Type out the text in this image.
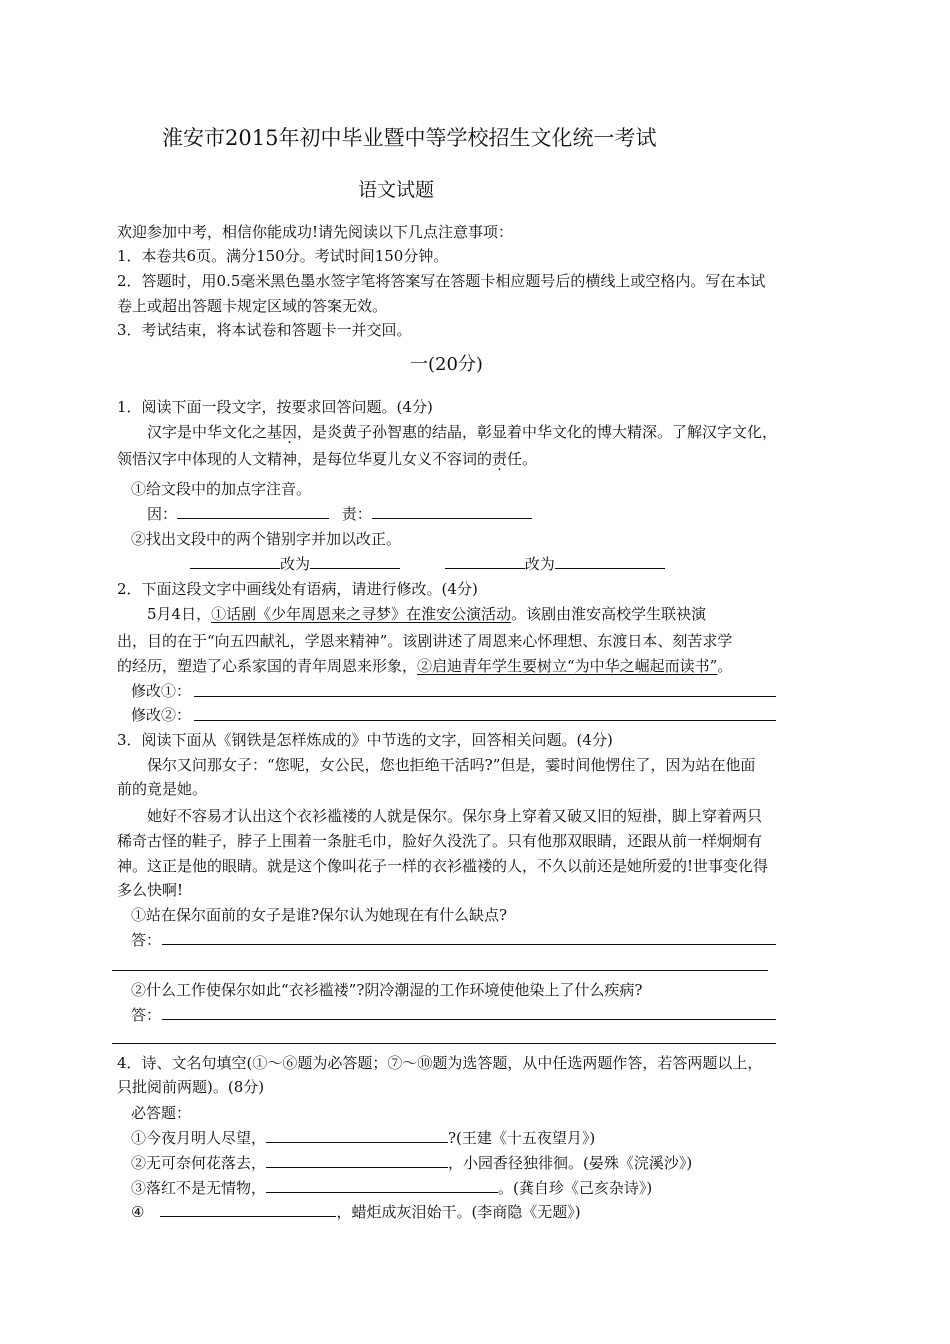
淮安市2015年初中毕业暨中等学校招生文化统一考试
语文试题
欢迎参加中考，相信你能成功!请先阅读以下几点注意事项：
1．本卷共6页。满分150分。考试时间150分钟。
2．答题时，用0.5毫米黑色墨水签字笔将答案写在答题卡相应题号后的横线上或空格内。写在本试
卷上或超出答题卡规定区域的答案无效。
3．考试结束，将本试卷和答题卡一并交回。
一(20分)
1．阅读下面一段文字，按要求回答问题。(4分)
汉字是中华文化之基因，是炎黄子孙智惠的结晶，彰显着中华文化的博大精深。了解汉字文化，
领悟汉字中体现的人文精神，是每位华夏儿女义不容词的责任。
①给文段中的加点字注音。
因：	责：
②找出文段中的两个错别字并加以改正。
改为	改为
2．下面这段文字中画线处有语病，请进行修改。(4分)
5月4日，①话剧《少年周恩来之寻梦》在淮安公演活动。该剧由淮安高校学生联袂演
出，目的在于“向五四献礼，学恩来精神”。该剧讲述了周恩来心怀理想、东渡日本、刻苦求学
的经历，塑造了心系家国的青年周恩来形象，②启迪青年学生要树立“为中华之崛起而读书”。
修改①：
修改②：
3．阅读下面从《钢铁是怎样炼成的》中节选的文字，回答相关问题。(4分)
保尔又问那女子：“您呢，女公民，您也拒绝干活吗?”但是，霎时间他愣住了，因为站在他面
前的竟是她。
她好不容易才认出这个衣衫褴褛的人就是保尔。保尔身上穿着又破又旧的短褂，脚上穿着两只
稀奇古怪的鞋子，脖子上围着一条脏毛巾，脸好久没洗了。只有他那双眼睛，还跟从前一样炯炯有
神。这正是他的眼睛。就是这个像叫花子一样的衣衫褴褛的人，不久以前还是她所爱的!世事变化得
多么快啊!
①站在保尔面前的女子是谁?保尔认为她现在有什么缺点?
答：
②什么工作使保尔如此“衣衫褴褛”?阴冷潮湿的工作环境使他染上了什么疾病?
答：
4．诗、文名句填空(①～⑥题为必答题；⑦～⑩题为选答题，从中任选两题作答，若答两题以上，
只批阅前两题)。(8分)
必答题：
①今夜月明人尽望，	?(王建《十五夜望月》)
②无可奈何花落去，	，小园香径独徘徊。(晏殊《浣溪沙》)
③落红不是无情物，	。(龚自珍《己亥杂诗》)
④	，蜡炬成灰泪始干。(李商隐《无题》)
